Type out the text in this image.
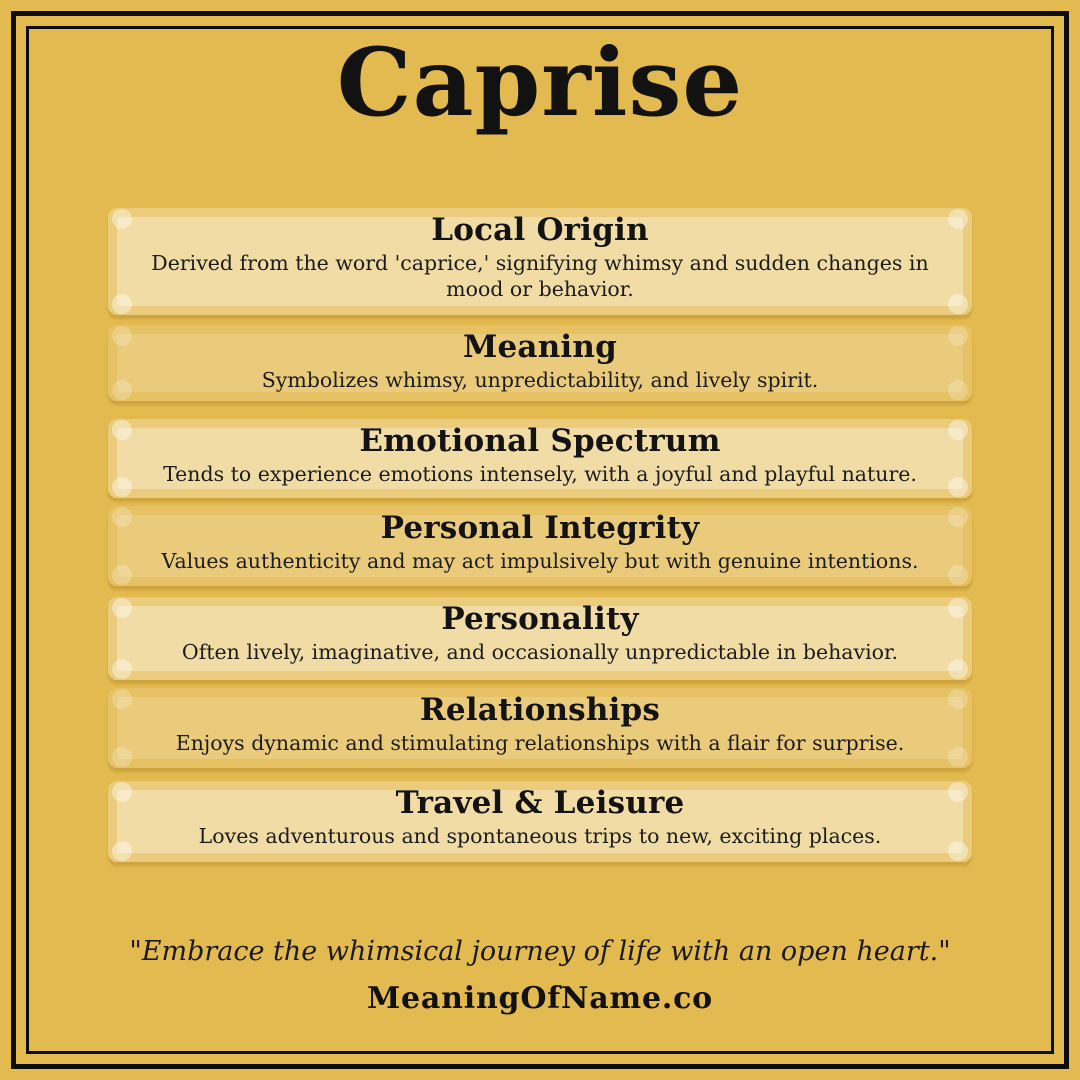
Caprise
Local Origin

Derived from the word 'caprice,' signifying whimsy and sudden changes in mood or behavior.

Meaning

Symbolizes whimsy, unpredictability, and lively spirit.

Emotional Spectrum

Tends to experience emotions intensely, with a joyful and playful nature.

Personal Integrity

Values authenticity and may act impulsively but with genuine intentions.

Personality

Often lively, imaginative, and occasionally unpredictable in behavior.

Relationships

Enjoys dynamic and stimulating relationships with a flair for surprise.

Travel & Leisure

Loves adventurous and spontaneous trips to new, exciting places.

"Embrace the whimsical journey of life with an open heart."

MeaningOfName.co
